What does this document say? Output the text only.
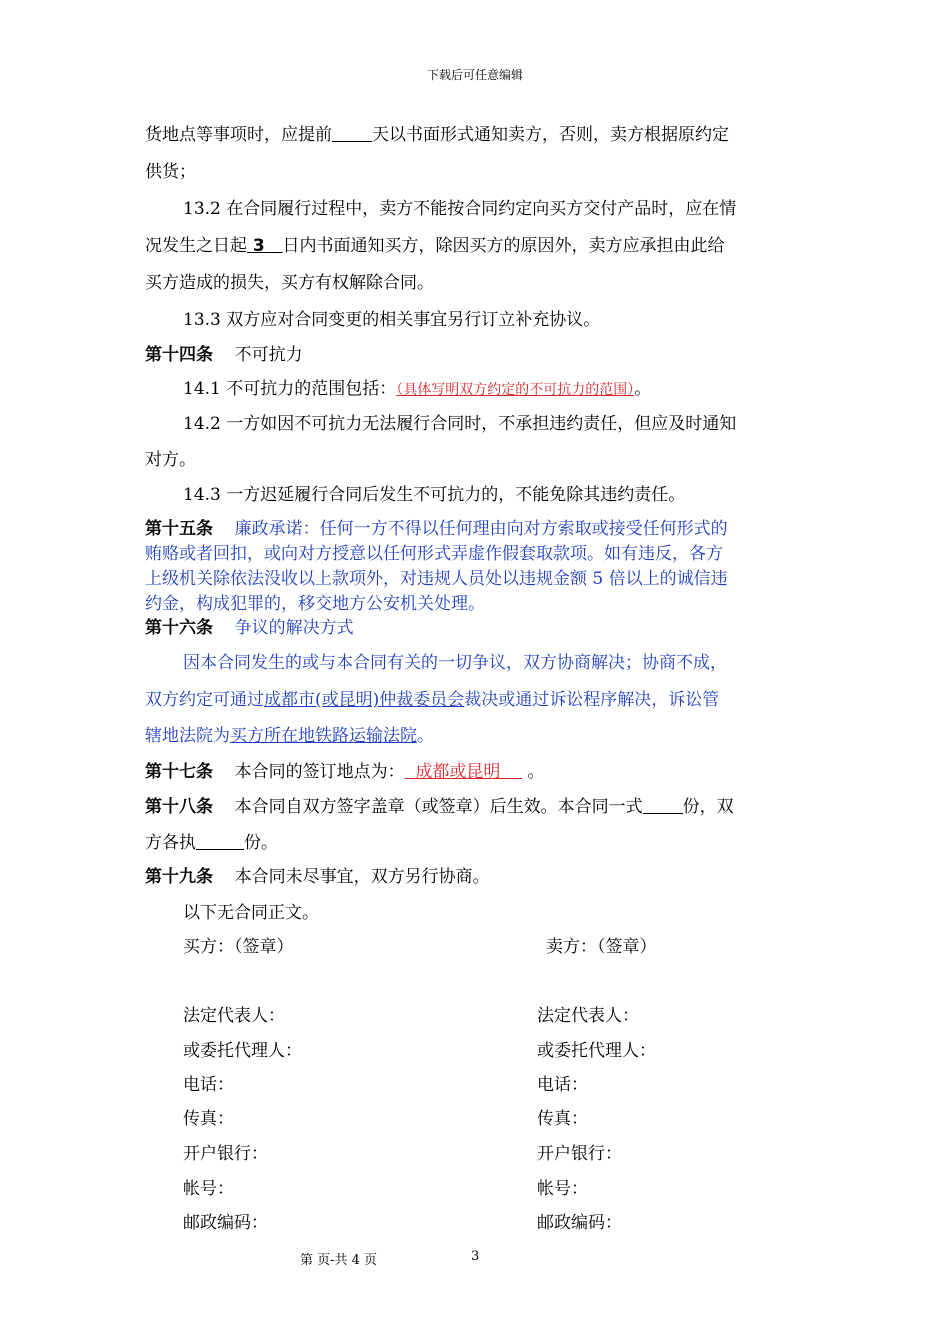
下载后可任意编辑
货地点等事项时，应提前 天以书面形式通知卖方，否则，卖方根据原约定
供货；
13.2 在合同履行过程中，卖方不能按合同约定向买方交付产品时，应在情
况发生之日起 3 日内书面通知买方，除因买方的原因外，卖方应承担由此给
买方造成的损失，买方有权解除合同。
13.3 双方应对合同变更的相关事宜另行订立补充协议。
第十四条 不可抗力
14.1 不可抗力的范围包括：（具体写明双方约定的不可抗力的范围）。
14.2 一方如因不可抗力无法履行合同时，不承担违约责任，但应及时通知
对方。
14.3 一方迟延履行合同后发生不可抗力的，不能免除其违约责任。
第十五条 廉政承诺：任何一方不得以任何理由向对方索取或接受任何形式的
贿赂或者回扣，或向对方授意以任何形式弄虚作假套取款项。如有违反，各方
上级机关除依法没收以上款项外，对违规人员处以违规金额 5 倍以上的诚信违
约金，构成犯罪的，移交地方公安机关处理。
第十六条 争议的解决方式
因本合同发生的或与本合同有关的一切争议，双方协商解决；协商不成，
双方约定可通过成都市(或昆明)仲裁委员会裁决或通过诉讼程序解决，诉讼管
辖地法院为买方所在地铁路运输法院。
第十七条 本合同的签订地点为： 成都或昆明 。
第十八条 本合同自双方签字盖章（或签章）后生效。本合同一式 份，双
方各执	份。
第十九条 本合同未尽事宜，双方另行协商。
以下无合同正文。
买方：（签章）	卖方：（签章）
法定代表人：	法定代表人：
或委托代理人：	或委托代理人：
电话：	电话：
传真：	传真：
开户银行：	开户银行：
帐号：	帐号：
邮政编码：	邮政编码：
第 页-共 4 页	3
